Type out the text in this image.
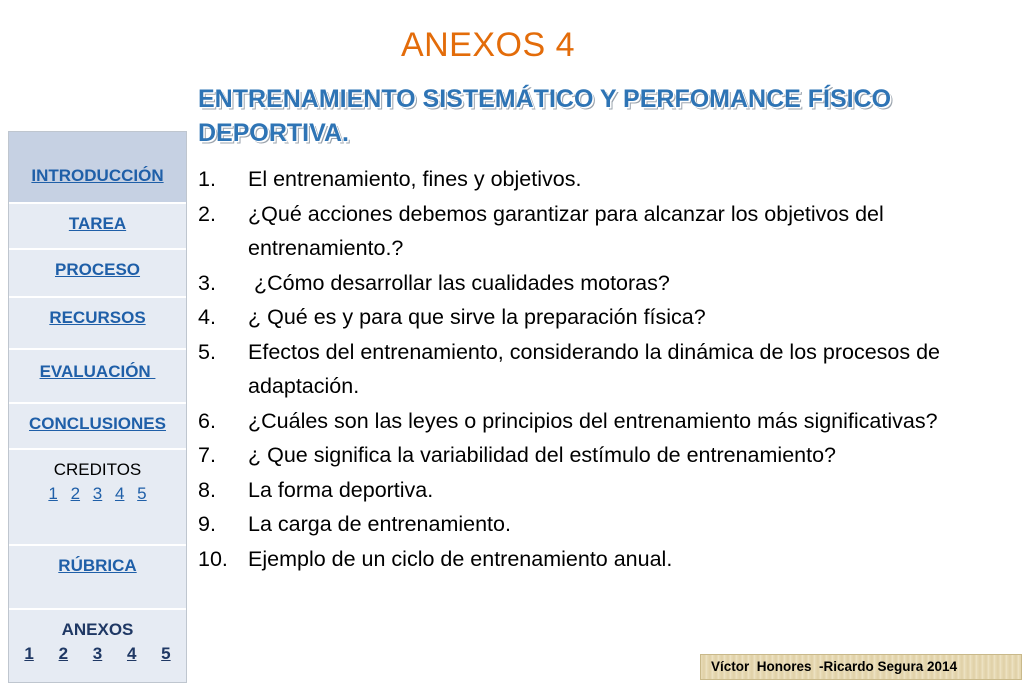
ANEXOS 4
ENTRENAMIENTO SISTEMÁTICO Y PERFOMANCE FÍSICO DEPORTIVA.
1.	El entrenamiento, fines y objetivos.
2.	¿Qué acciones debemos garantizar para alcanzar los objetivos del entrenamiento.?
3.	¿Cómo desarrollar las cualidades motoras?
4.	¿ Qué es y para que sirve la preparación física?
5.	Efectos del entrenamiento, considerando la dinámica de los procesos de adaptación.
6.	¿Cuáles son las leyes o principios del entrenamiento más significativas?
7.	¿ Que significa la variabilidad del estímulo de entrenamiento?
8.	La forma deportiva.
9.	La carga de entrenamiento.
10. Ejemplo de un ciclo de entrenamiento anual.
INTRODUCCIÓN
TAREA
PROCESO
RECURSOS
EVALUACIÓN
CONCLUSIONES
CREDITOS
1 2 3 4 5
RÚBRICA
ANEXOS
1 2 3 4 5
Víctor  Honores  -Ricardo Segura 2014
